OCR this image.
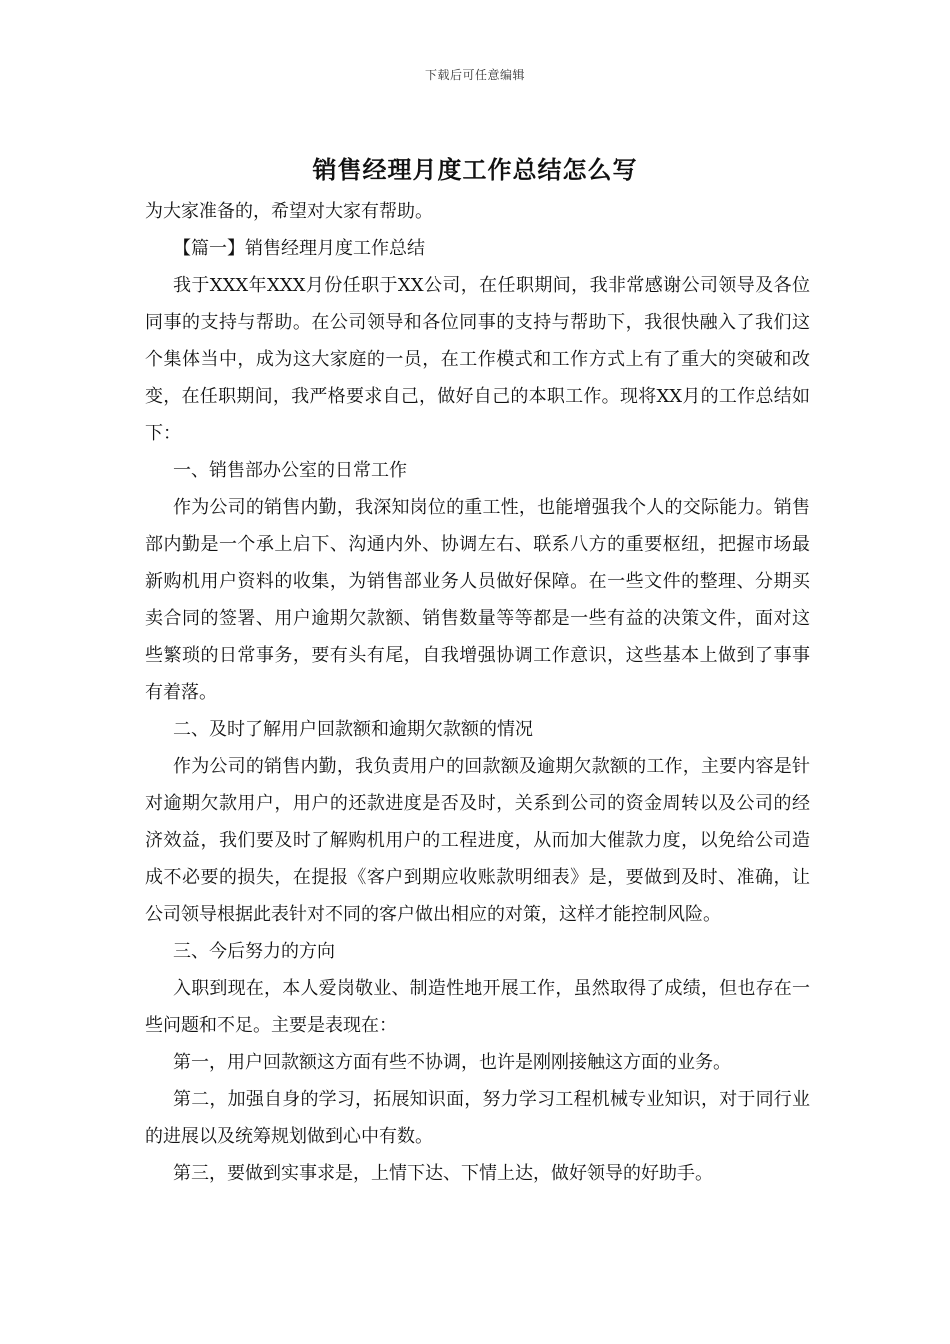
下载后可任意编辑
销售经理月度工作总结怎么写

为大家准备的，希望对大家有帮助。

【篇一】销售经理月度工作总结

我于XXX年XXX月份任职于XX公司，在任职期间，我非常感谢公司领导及各位同事的支持与帮助。在公司领导和各位同事的支持与帮助下，我很快融入了我们这个集体当中，成为这大家庭的一员，在工作模式和工作方式上有了重大的突破和改变，在任职期间，我严格要求自己，做好自己的本职工作。现将XX月的工作总结如下：

一、销售部办公室的日常工作

作为公司的销售内勤，我深知岗位的重工性，也能增强我个人的交际能力。销售部内勤是一个承上启下、沟通内外、协调左右、联系八方的重要枢纽，把握市场最新购机用户资料的收集，为销售部业务人员做好保障。在一些文件的整理、分期买卖合同的签署、用户逾期欠款额、销售数量等等都是一些有益的决策文件，面对这些繁琐的日常事务，要有头有尾，自我增强协调工作意识，这些基本上做到了事事有着落。

二、及时了解用户回款额和逾期欠款额的情况

作为公司的销售内勤，我负责用户的回款额及逾期欠款额的工作，主要内容是针对逾期欠款用户，用户的还款进度是否及时，关系到公司的资金周转以及公司的经济效益，我们要及时了解购机用户的工程进度，从而加大催款力度，以免给公司造成不必要的损失，在提报《客户到期应收账款明细表》是，要做到及时、准确，让公司领导根据此表针对不同的客户做出相应的对策，这样才能控制风险。

三、今后努力的方向

入职到现在，本人爱岗敬业、制造性地开展工作，虽然取得了成绩，但也存在一些问题和不足。主要是表现在：

第一，用户回款额这方面有些不协调，也许是刚刚接触这方面的业务。

第二，加强自身的学习，拓展知识面，努力学习工程机械专业知识，对于同行业的进展以及统筹规划做到心中有数。

第三，要做到实事求是，上情下达、下情上达，做好领导的好助手。
